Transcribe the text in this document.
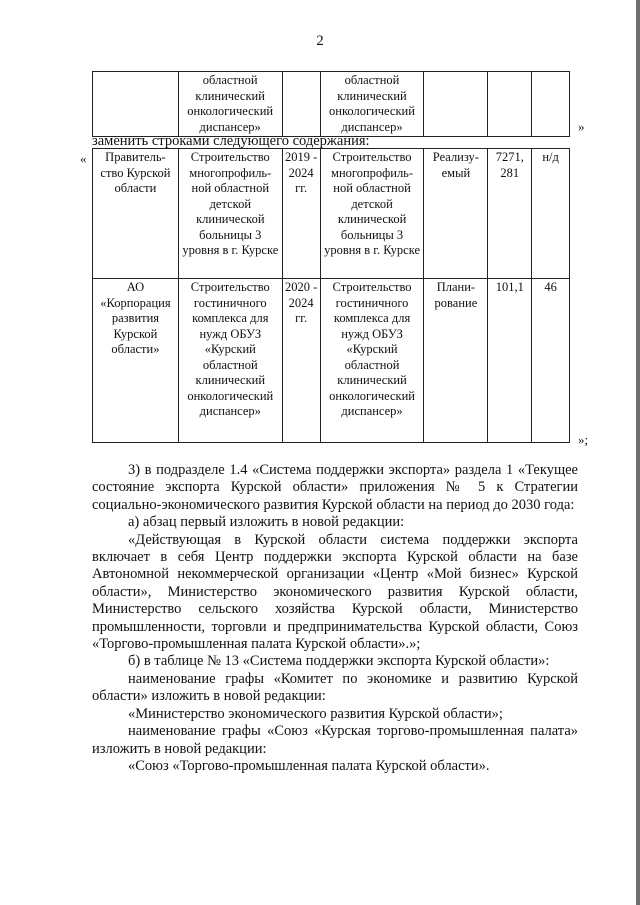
2
	областной клинический онкологический диспансер»		областной клинический онкологический диспансер»				»
заменить строками следующего содержания:
« Правитель-ство Курской области	Строительство многопрофиль-ной областной детской клинической больницы 3 уровня в г. Курске	2019 - 2024 гг.	Строительство многопрофиль-ной областной детской клинической больницы 3 уровня в г. Курске	Реализу-емый	7271, 281	н/д
АО «Корпорация развития Курской области»	Строительство гостиничного комплекса для нужд ОБУЗ «Курский областной клинический онкологический диспансер»	2020 - 2024 гг.	Строительство гостиничного комплекса для нужд ОБУЗ «Курский областной клинический онкологический диспансер»	Плани-рование	101,1	46
»;

3) в подразделе 1.4 «Система поддержки экспорта» раздела 1 «Текущее состояние экспорта Курской области» приложения № 5 к Стратегии социально-экономического развития Курской области на период до 2030 года:

а) абзац первый изложить в новой редакции:

«Действующая в Курской области система поддержки экспорта включает в себя Центр поддержки экспорта Курской области на базе Автономной некоммерческой организации «Центр «Мой бизнес» Курской области», Министерство экономического развития Курской области, Министерство сельского хозяйства Курской области, Министерство промышленности, торговли и предпринимательства Курской области, Союз «Торгово-промышленная палата Курской области».»;

б) в таблице № 13 «Система поддержки экспорта Курской области»:

наименование графы «Комитет по экономике и развитию Курской области» изложить в новой редакции:

«Министерство экономического развития Курской области»;

наименование графы «Союз «Курская торгово-промышленная палата» изложить в новой редакции:

«Союз «Торгово-промышленная палата Курской области».
